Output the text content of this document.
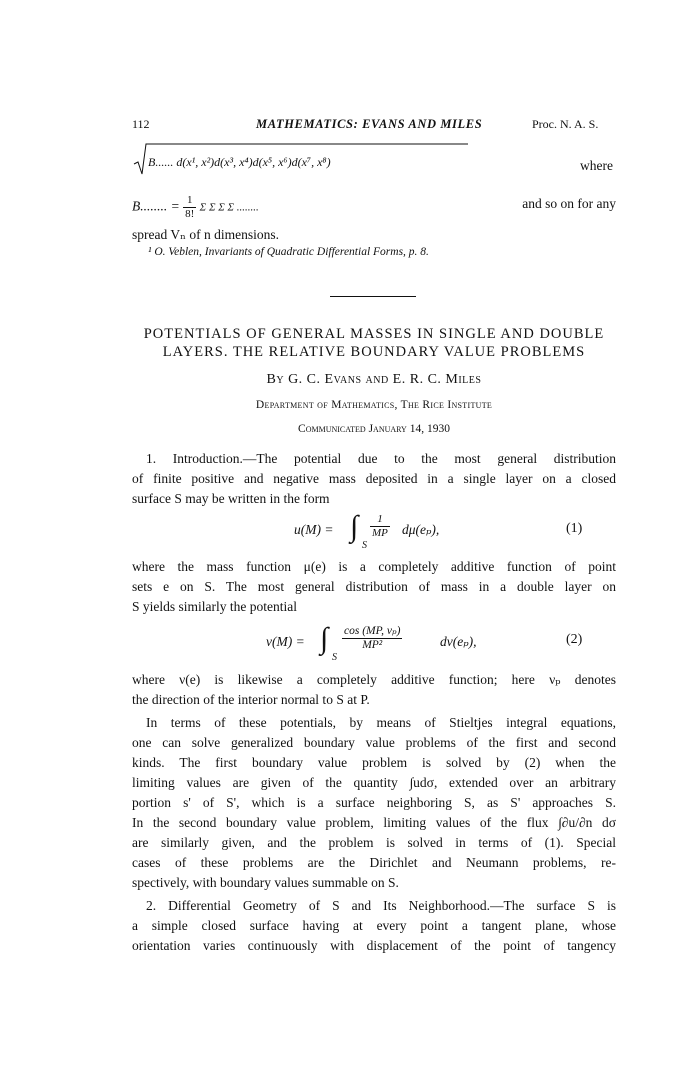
112	MATHEMATICS: EVANS AND MILES	Proc. N. A. S.
B...... d(x¹, x²)d(x³, x⁴)d(x⁵, x⁶)d(x⁷, x⁸)	where
B........ = $\frac{1}{8!}$ Σ Σ Σ Σ ........	and so on for any
spread Vₙ of n dimensions.
¹ O. Veblen, Invariants of Quadratic Differential Forms, p. 8.
POTENTIALS OF GENERAL MASSES IN SINGLE AND DOUBLE
LAYERS. THE RELATIVE BOUNDARY VALUE PROBLEMS
By G. C. Evans and E. R. C. Miles
Department of Mathematics, The Rice Institute
Communicated January 14, 1930
1. Introduction.—The potential due to the most general distribution
of finite positive and negative mass deposited in a single layer on a closed
surface S may be written in the form
u(M) = ∫
S
$\frac{1}{MP} d\mu(e_p)$,	(1)
where the mass function μ(e) is a completely additive function of point
sets e on S. The most general distribution of mass in a double layer on
S yields similarly the potential
v(M) = ∫
S
$\frac{\text{cos (MP, νₚ)}}{\text{MP²}}$	dν(eₚ),	(2)
where ν(e) is likewise a completely additive function; here νₚ denotes
the direction of the interior normal to S at P.
In terms of these potentials, by means of Stieltjes integral equations,
one can solve generalized boundary value problems of the first and second
kinds. The first boundary value problem is solved by (2) when the
limiting values are given of the quantity ∫udσ, extended over an arbitrary
portion s' of S', which is a surface neighboring S, as S' approaches S.
In the second boundary value problem, limiting values of the flux ∫∂u/∂n dσ
are similarly given, and the problem is solved in terms of (1). Special
cases of these problems are the Dirichlet and Neumann problems, re-
spectively, with boundary values summable on S.
2. Differential Geometry of S and Its Neighborhood.—The surface S is
a simple closed surface having at every point a tangent plane, whose
orientation varies continuously with displacement of the point of tangency
